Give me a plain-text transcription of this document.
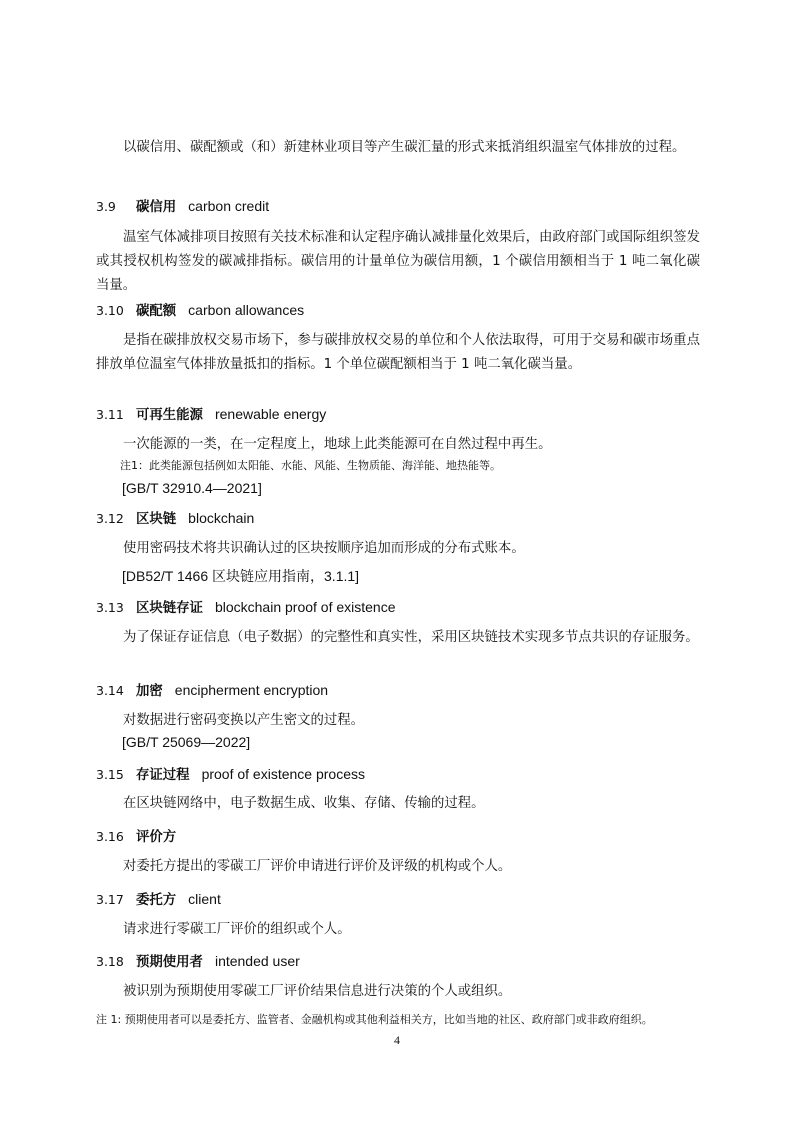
以碳信用、碳配额或（和）新建林业项目等产生碳汇量的形式来抵消组织温室气体排放的过程。

3.9 碳信用 carbon credit

温室气体减排项目按照有关技术标准和认定程序确认减排量化效果后，由政府部门或国际组织签发或其授权机构签发的碳减排指标。碳信用的计量单位为碳信用额，1 个碳信用额相当于 1 吨二氧化碳当量。

3.10 碳配额 carbon allowances

是指在碳排放权交易市场下，参与碳排放权交易的单位和个人依法取得，可用于交易和碳市场重点排放单位温室气体排放量抵扣的指标。1 个单位碳配额相当于 1 吨二氧化碳当量。

3.11 可再生能源 renewable energy

一次能源的一类，在一定程度上，地球上此类能源可在自然过程中再生。

注1：此类能源包括例如太阳能、水能、风能、生物质能、海洋能、地热能等。
[GB/T 32910.4—2021]
3.12 区块链 blockchain

使用密码技术将共识确认过的区块按顺序追加而形成的分布式账本。

[DB52/T 1466 区块链应用指南，3.1.1]
3.13 区块链存证 blockchain proof of existence

为了保证存证信息（电子数据）的完整性和真实性，采用区块链技术实现多节点共识的存证服务。

3.14 加密 encipherment encryption

对数据进行密码变换以产生密文的过程。

[GB/T 25069—2022]
3.15 存证过程 proof of existence process

在区块链网络中，电子数据生成、收集、存储、传输的过程。

3.16 评价方

对委托方提出的零碳工厂评价申请进行评价及评级的机构或个人。

3.17 委托方 client

请求进行零碳工厂评价的组织或个人。

3.18 预期使用者 intended user

被识别为预期使用零碳工厂评价结果信息进行决策的个人或组织。

注 1: 预期使用者可以是委托方、监管者、金融机构或其他利益相关方，比如当地的社区、政府部门或非政府组织。
4
